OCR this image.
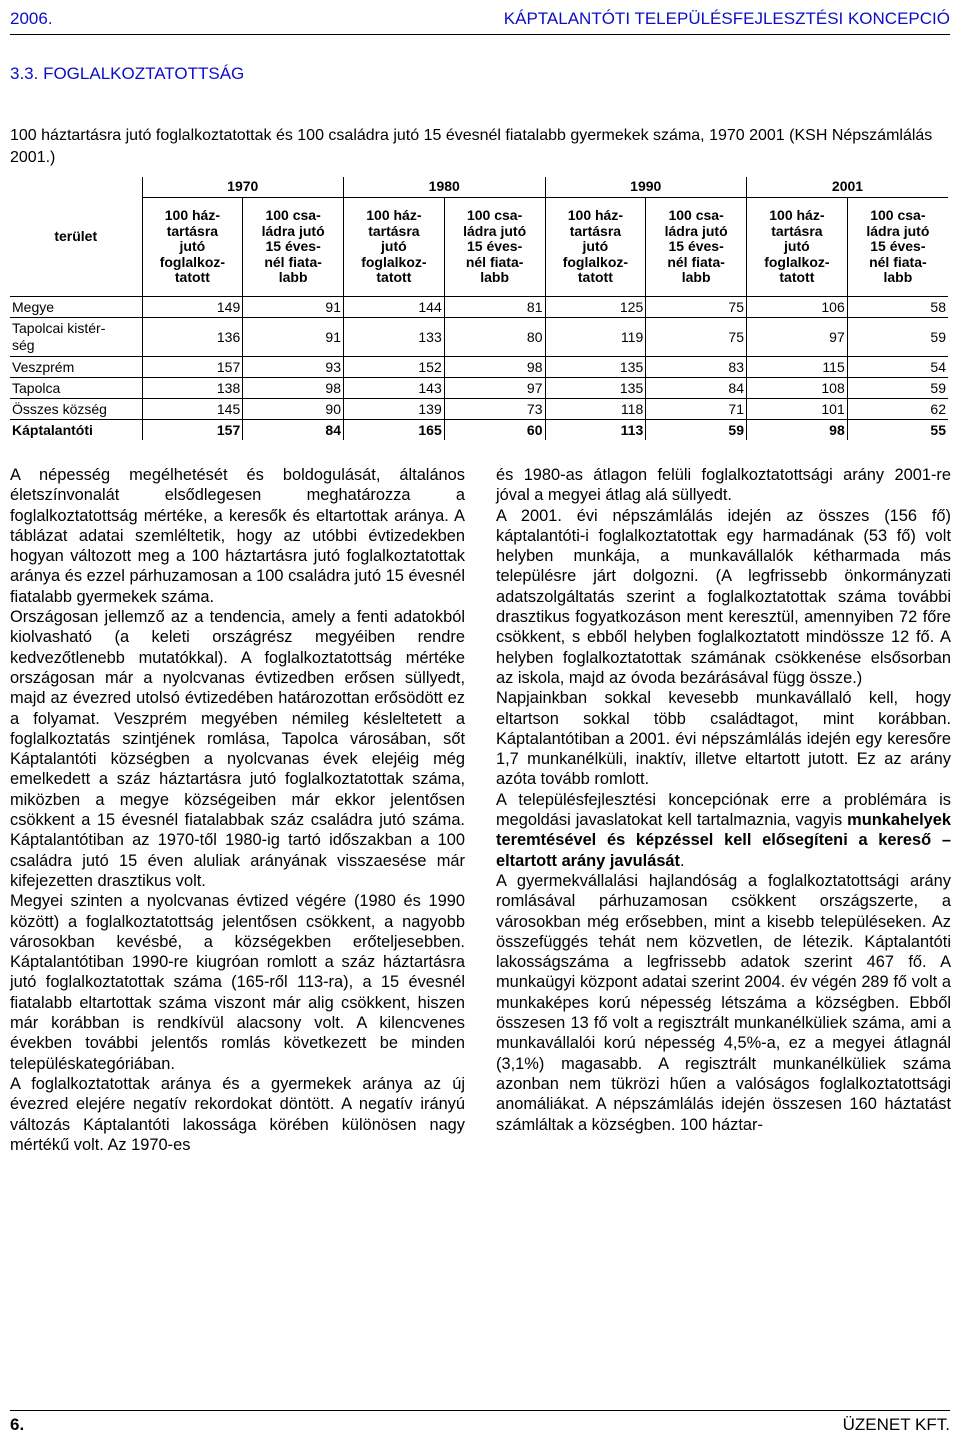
2006.	KÁPTALANTÓTI TELEPÜLÉSFEJLESZTÉSI KONCEPCIÓ
3.3. FOGLALKOZTATOTTSÁG
100 háztartásra jutó foglalkoztatottak és 100 családra jutó 15 évesnél fiatalabb gyermekek száma, 1970 2001 (KSH Népszámlálás 2001.)
terület	1970		1980		1990		2001	
	100 ház-
tartásra
jutó
foglalkoz-
tatott	100 csa-
ládra jutó
15 éves-
nél fiata-
labb	100 ház-
tartásra
jutó
foglalkoz-
tatott	100 csa-
ládra jutó
15 éves-
nél fiata-
labb	100 ház-
tartásra
jutó
foglalkoz-
tatott	100 csa-
ládra jutó
15 éves-
nél fiata-
labb	100 ház-
tartásra
jutó
foglalkoz-
tatott	100 csa-
ládra jutó
15 éves-
nél fiata-
labb
Megye	149	91	144	81	125	75	106	58
Tapolcai kistér-
ség	136	91	133	80	119	75	97	59
Veszprém	157	93	152	98	135	83	115	54
Tapolca	138	98	143	97	135	84	108	59
Összes község	145	90	139	73	118	71	101	62
Káptalantóti	157	84	165	60	113	59	98	55

A népesség megélhetését és boldogulását, általános életszínvonalát elsődlegesen meghatározza a foglalkoztatottság mértéke, a keresők és eltartottak aránya. A táblázat adatai szemléltetik, hogy az utóbbi évtizedekben hogyan változott meg a 100 háztartásra jutó foglalkoztatottak aránya és ezzel párhuzamosan a 100 családra jutó 15 évesnél fiatalabb gyermekek száma.

Országosan jellemző az a tendencia, amely a fenti adatokból kiolvasható (a keleti országrész megyéiben rendre kedvezőtlenebb mutatókkal). A foglalkoztatottság mértéke országosan már a nyolcvanas évtizedben erősen süllyedt, majd az évezred utolsó évtizedében határozottan erősödött ez a folyamat. Veszprém megyében némileg késleltetett a foglalkoztatás szintjének romlása, Tapolca városában, sőt Káptalantóti községben a nyolcvanas évek elejéig még emelkedett a száz háztartásra jutó foglalkoztatottak száma, miközben a megye községeiben már ekkor jelentősen csökkent a 15 évesnél fiatalabbak száz családra jutó száma. Káptalantótiban az 1970-től 1980-ig tartó időszakban a 100 családra jutó 15 éven aluliak arányának visszaesése már kifejezetten drasztikus volt.

Megyei szinten a nyolcvanas évtized végére (1980 és 1990 között) a foglalkoztatottság jelentősen csökkent, a nagyobb városokban kevésbé, a községekben erőteljesebben. Káptalantótiban 1990-re kiugróan romlott a száz háztartásra jutó foglalkoztatottak száma (165-ről 113-ra), a 15 évesnél fiatalabb eltartottak száma viszont már alig csökkent, hiszen már korábban is rendkívül alacsony volt. A kilencvenes években további jelentős romlás következett be minden településkategóriában.

A foglalkoztatottak aránya és a gyermekek aránya az új évezred elejére negatív rekordokat döntött. A negatív irányú változás Káptalantóti lakossága körében különösen nagy mértékű volt. Az 1970-es

és 1980-as átlagon felüli foglalkoztatottsági arány 2001-re jóval a megyei átlag alá süllyedt.

A 2001. évi népszámlálás idején az összes (156 fő) káptalantóti-i foglalkoztatottak egy harmadának (53 fő) volt helyben munkája, a munkavállalók kétharmada más településre járt dolgozni. (A legfrissebb önkormányzati adatszolgáltatás szerint a foglalkoztatottak száma további drasztikus fogyatkozáson ment keresztül, amennyiben 72 főre csökkent, s ebből helyben foglalkoztatott mindössze 12 fő. A helyben foglalkoztatottak számának csökkenése elsősorban az iskola, majd az óvoda bezárásával függ össze.)

Napjainkban sokkal kevesebb munkavállaló kell, hogy eltartson sokkal több családtagot, mint korábban. Káptalantótiban a 2001. évi népszámlálás idején egy keresőre 1,7 munkanélküli, inaktív, illetve eltartott jutott. Ez az arány azóta tovább romlott.

A településfejlesztési koncepciónak erre a problémára is megoldási javaslatokat kell tartalmaznia, vagyis munkahelyek teremtésével és képzéssel kell elősegíteni a kereső – eltartott arány javulását.

A gyermekvállalási hajlandóság a foglalkoztatottsági arány romlásával párhuzamosan csökkent országszerte, a városokban még erősebben, mint a kisebb településeken. Az összefüggés tehát nem közvetlen, de létezik. Káptalantóti lakosságszáma a legfrissebb adatok szerint 467 fő. A munkaügyi központ adatai szerint 2004. év végén 289 fő volt a munkaképes korú népesség létszáma a községben. Ebből összesen 13 fő volt a regisztrált munkanélküliek száma, ami a munkavállalói korú népesség 4,5%-a, ez a megyei átlagnál (3,1%) magasabb. A regisztrált munkanélküliek száma azonban nem tükrözi hűen a valóságos foglalkoztatottsági anomáliákat. A népszámlálás idején összesen 160 háztatást számláltak a községben. 100 háztar-

6.	ÜZENET KFT.
